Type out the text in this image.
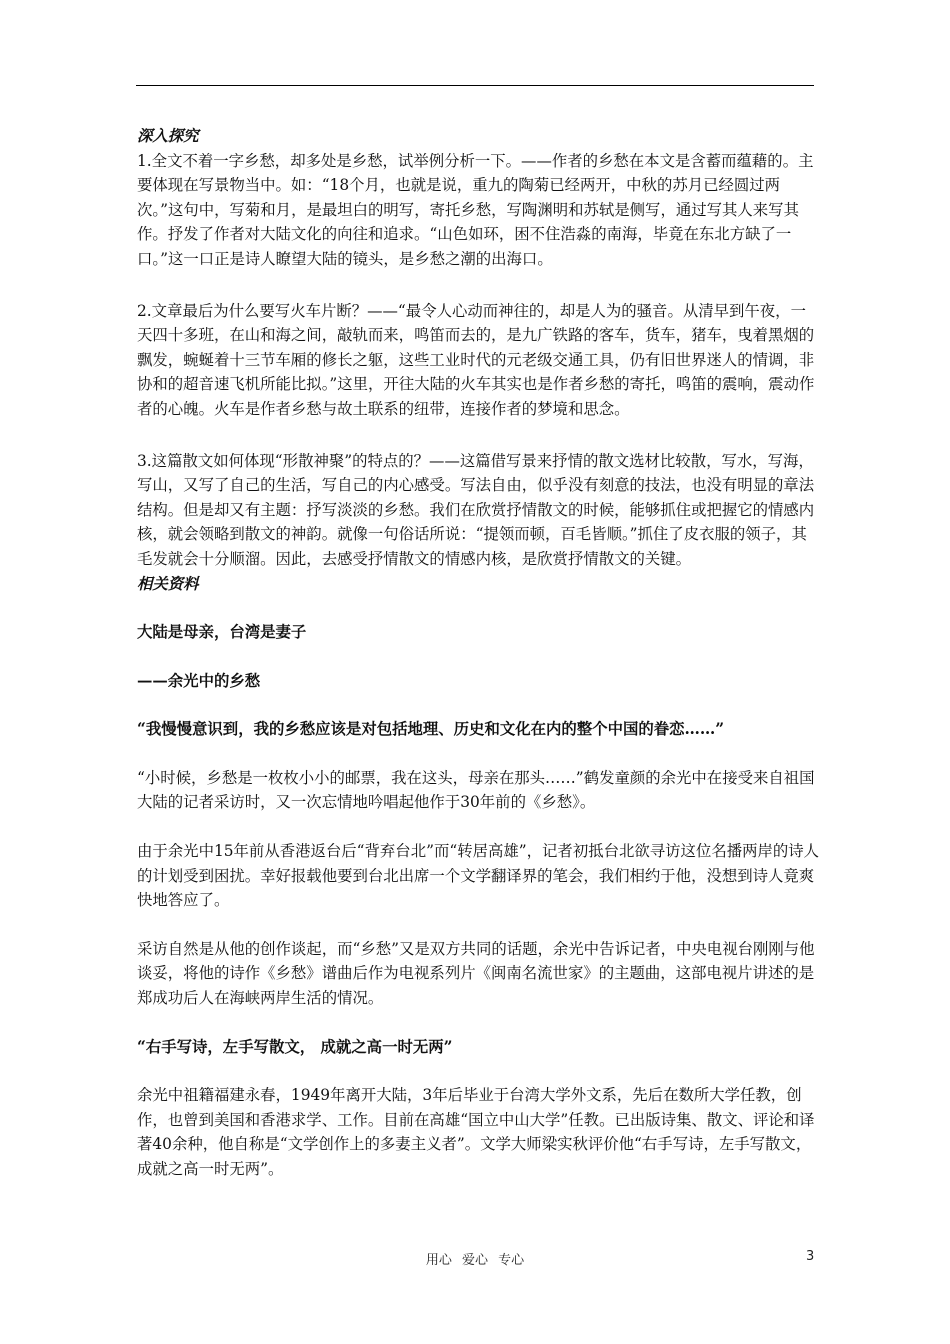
深入探究

1.全文不着一字乡愁，却多处是乡愁，试举例分析一下。——作者的乡愁在本文是含蓄而蕴藉的。主要体现在写景物当中。如：“18个月，也就是说，重九的陶菊已经两开，中秋的苏月已经圆过两次。”这句中，写菊和月，是最坦白的明写，寄托乡愁，写陶渊明和苏轼是侧写，通过写其人来写其作。抒发了作者对大陆文化的向往和追求。“山色如环，困不住浩淼的南海，毕竟在东北方缺了一口。”这一口正是诗人瞭望大陆的镜头，是乡愁之潮的出海口。

2.文章最后为什么要写火车片断？——“最令人心动而神往的，却是人为的骚音。从清早到午夜，一天四十多班，在山和海之间，敲轨而来，鸣笛而去的，是九广铁路的客车，货车，猪车，曳着黑烟的飘发，蜿蜒着十三节车厢的修长之躯，这些工业时代的元老级交通工具，仍有旧世界迷人的情调，非协和的超音速飞机所能比拟。”这里，开往大陆的火车其实也是作者乡愁的寄托，鸣笛的震响，震动作者的心魄。火车是作者乡愁与故土联系的纽带，连接作者的梦境和思念。

3.这篇散文如何体现“形散神聚”的特点的？——这篇借写景来抒情的散文选材比较散，写水，写海，写山，又写了自己的生活，写自己的内心感受。写法自由，似乎没有刻意的技法，也没有明显的章法结构。但是却又有主题：抒写淡淡的乡愁。我们在欣赏抒情散文的时候，能够抓住或把握它的情感内核，就会领略到散文的神韵。就像一句俗话所说：“提领而顿，百毛皆顺。”抓住了皮衣服的领子，其毛发就会十分顺溜。因此，去感受抒情散文的情感内核，是欣赏抒情散文的关键。

相关资料

大陆是母亲，台湾是妻子

——余光中的乡愁

“我慢慢意识到，我的乡愁应该是对包括地理、历史和文化在内的整个中国的眷恋……”

“小时候，乡愁是一枚枚小小的邮票，我在这头，母亲在那头……”鹤发童颜的余光中在接受来自祖国大陆的记者采访时，又一次忘情地吟唱起他作于30年前的《乡愁》。

由于余光中15年前从香港返台后“背弃台北”而“转居高雄”，记者初抵台北欲寻访这位名播两岸的诗人的计划受到困扰。幸好报载他要到台北出席一个文学翻译界的笔会，我们相约于他，没想到诗人竟爽快地答应了。

采访自然是从他的创作谈起，而“乡愁”又是双方共同的话题，余光中告诉记者，中央电视台刚刚与他谈妥，将他的诗作《乡愁》谱曲后作为电视系列片《闽南名流世家》的主题曲，这部电视片讲述的是郑成功后人在海峡两岸生活的情况。

“右手写诗，左手写散文， 成就之高一时无两”

余光中祖籍福建永春，1949年离开大陆，3年后毕业于台湾大学外文系，先后在数所大学任教，创作，也曾到美国和香港求学、工作。目前在高雄“国立中山大学”任教。已出版诗集、散文、评论和译著40余种，他自称是“文学创作上的多妻主义者”。文学大师梁实秋评价他“右手写诗，左手写散文，成就之高一时无两”。

用心 爱心 专心	3
